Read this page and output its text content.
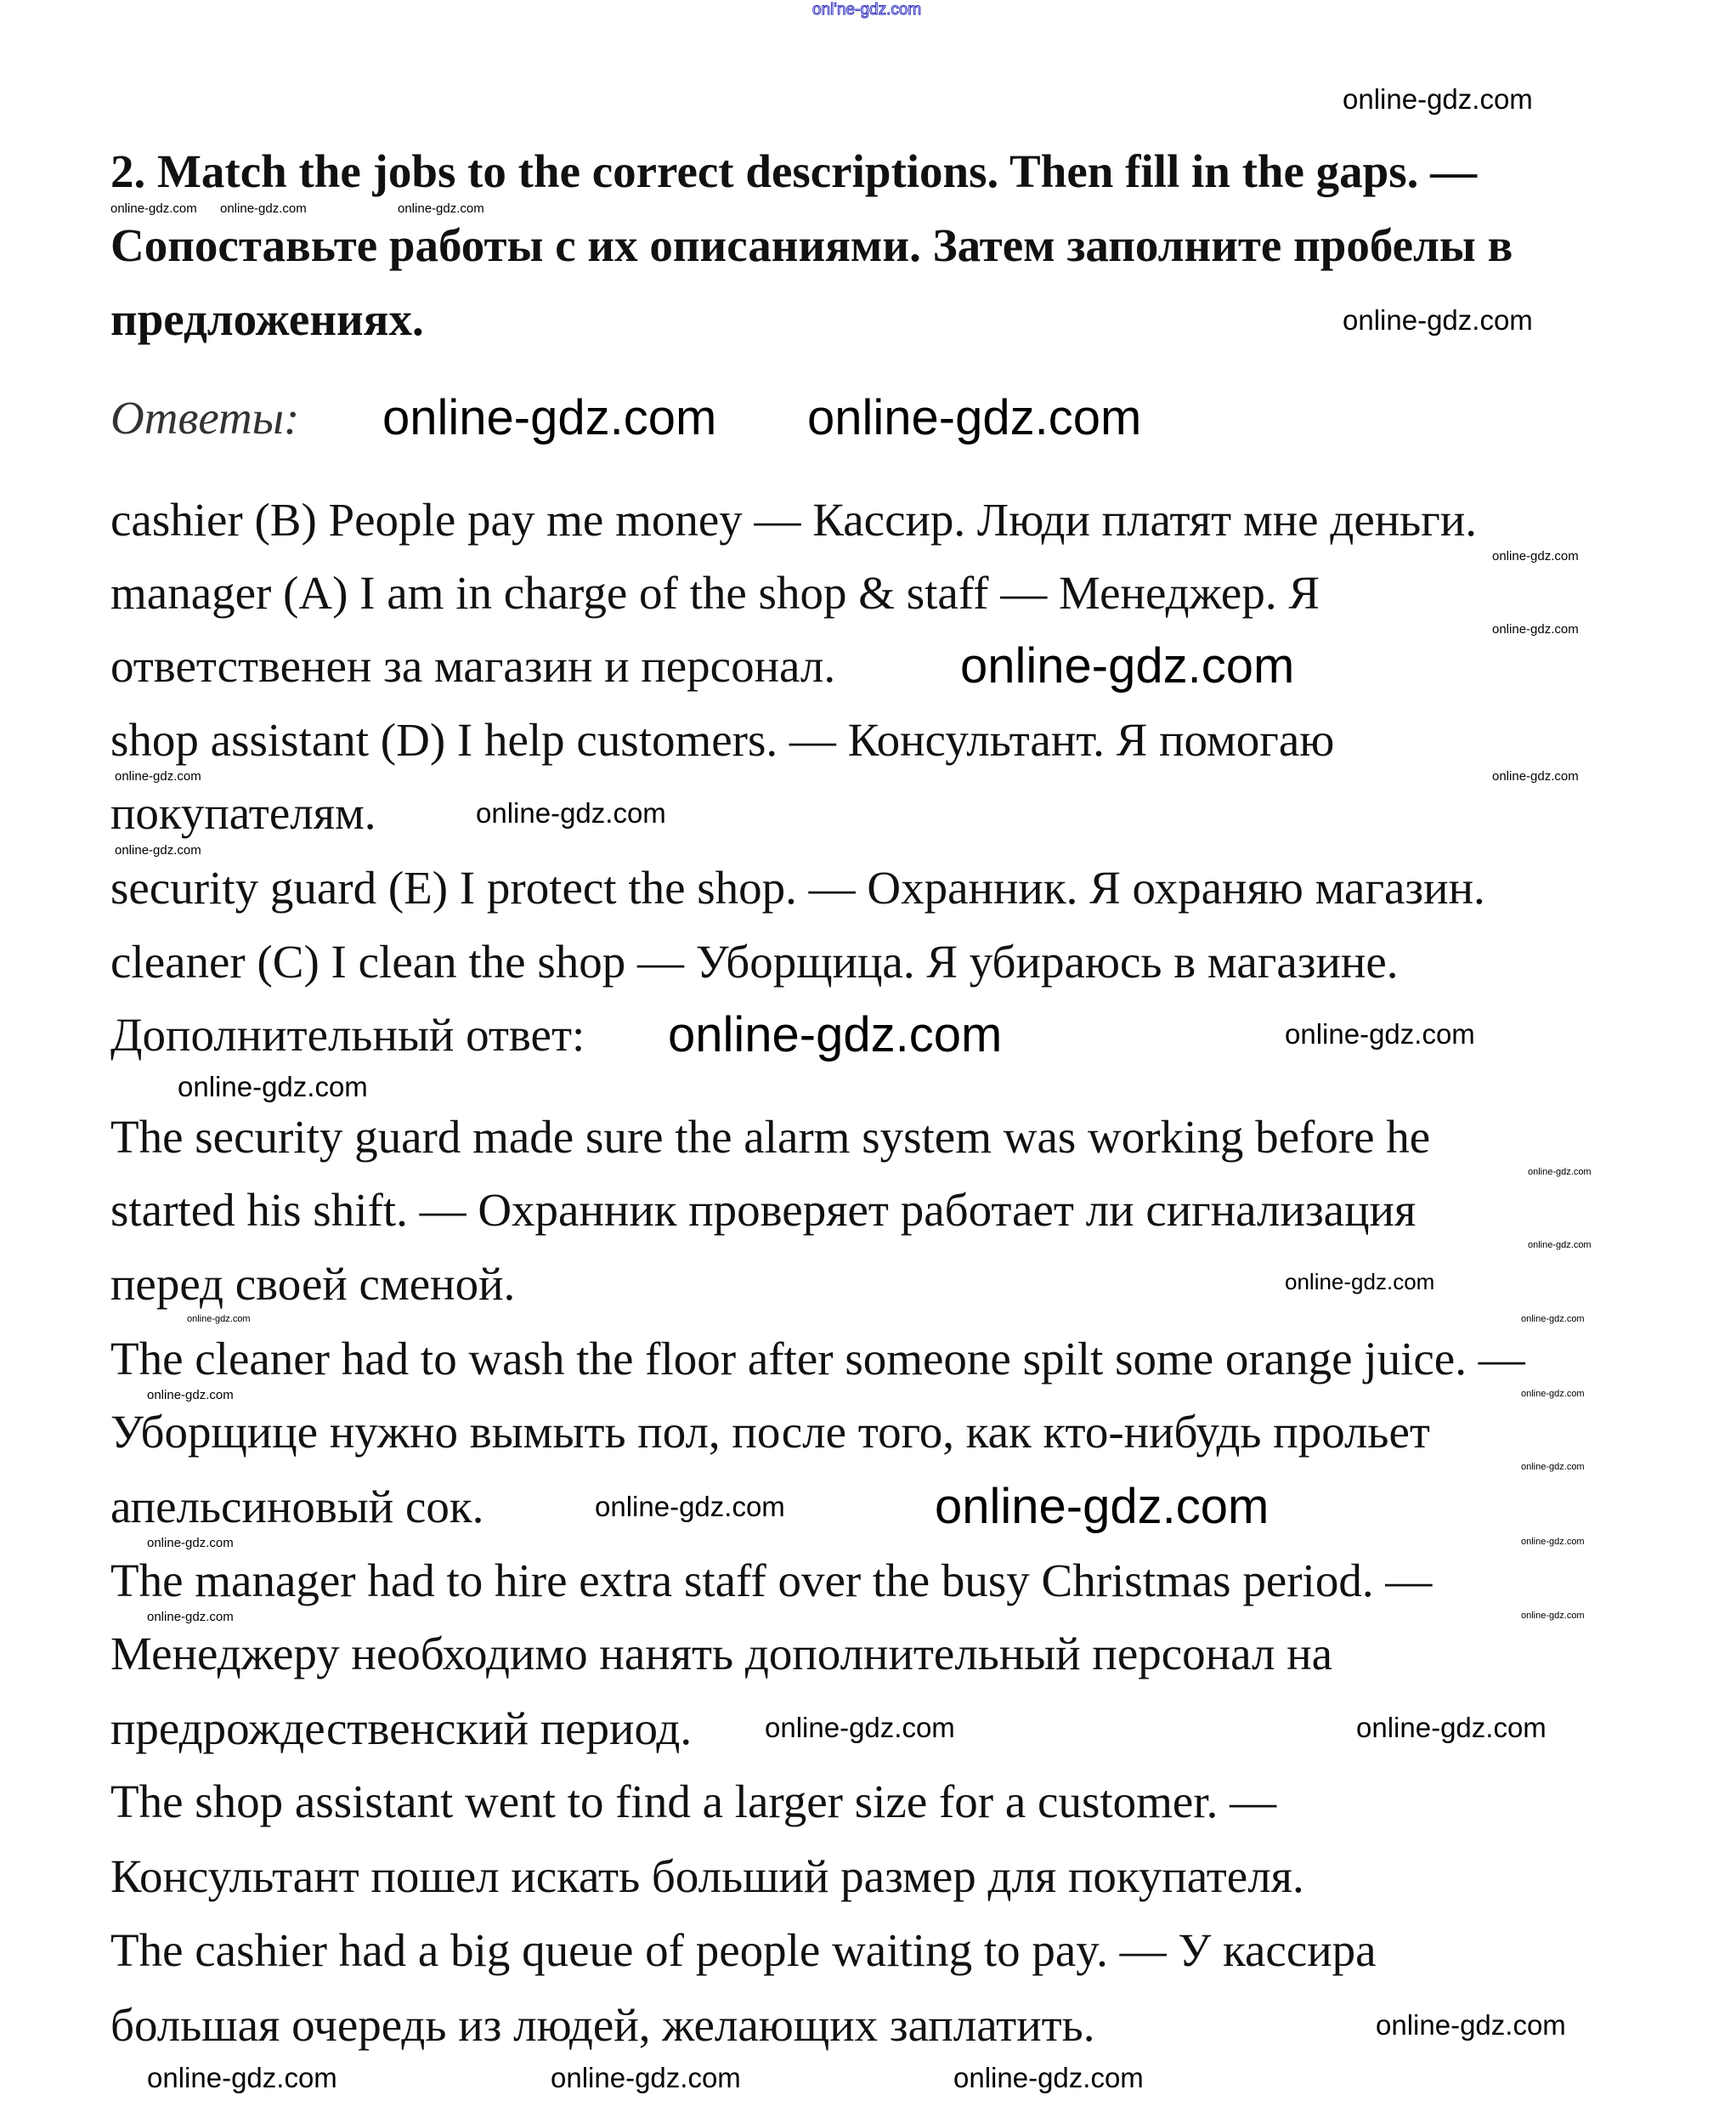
onl'ne-gdz.com
2. Match the jobs to the correct descriptions. Then fill in the gaps. —
Сопоставьте работы с их описаниями. Затем заполните пробелы в
предложениях.
Ответы:
cashier (B) People pay me money — Кассир. Люди платят мне деньги.
manager (A) I am in charge of the shop & staff — Менеджер. Я
ответственен за магазин и персонал.
shop assistant (D) I help customers. — Консультант. Я помогаю
покупателям.
security guard (E) I protect the shop. — Охранник. Я охраняю магазин.
cleaner (C) I clean the shop — Уборщица. Я убираюсь в магазине.
Дополнительный ответ:
The security guard made sure the alarm system was working before he
started his shift. — Охранник проверяет работает ли сигнализация
перед своей сменой.
The cleaner had to wash the floor after someone spilt some orange juice. —
Уборщице нужно вымыть пол, после того, как кто-нибудь прольет
апельсиновый сок.
The manager had to hire extra staff over the busy Christmas period. —
Менеджеру необходимо нанять дополнительный персонал на
предрождественский период.
The shop assistant went to find a larger size for a customer. —
Консультант пошел искать больший размер для покупателя.
The cashier had a big queue of people waiting to pay. — У кассира
большая очередь из людей, желающих заплатить.
online-gdz.com online-gdz.com	online-gdz.com
online-gdz.com
online-gdz.com
online-gdz.com
online-gdz.com
online-gdz.com
online-gdz.com
online-gdz.com
online-gdz.com
online-gdz.com
online-gdz.com
online-gdz.com
online-gdz.com
online-gdz.com
online-gdz.com
online-gdz.com
online-gdz.com
online-gdz.com
online-gdz.com
online-gdz.com
online-gdz.com
online-gdz.com
online-gdz.com
online-gdz.com
online-gdz.com
online-gdz.com	online-gdz.com
online-gdz.com
online-gdz.com
online-gdz.com
online-gdz.com
online-gdz.com	online-gdz.com	online-gdz.com
online-gdz.com
